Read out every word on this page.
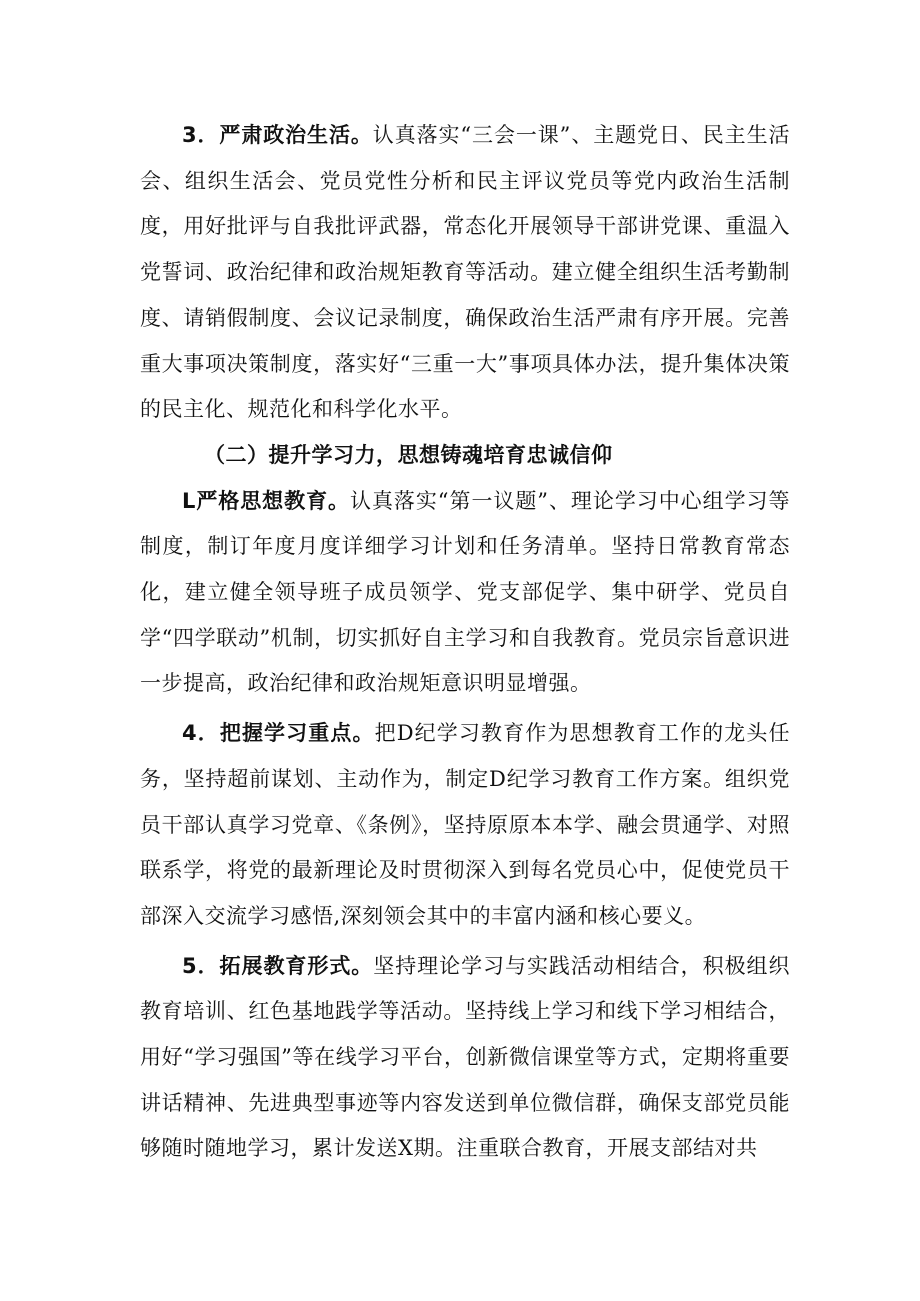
3．严肃政治生活。认真落实“三会一课”、主题党日、民主生活会、组织生活会、党员党性分析和民主评议党员等党内政治生活制度，用好批评与自我批评武器，常态化开展领导干部讲党课、重温入党誓词、政治纪律和政治规矩教育等活动。建立健全组织生活考勤制度、请销假制度、会议记录制度，确保政治生活严肃有序开展。完善重大事项决策制度，落实好“三重一大”事项具体办法，提升集体决策的民主化、规范化和科学化水平。

（二）提升学习力，思想铸魂培育忠诚信仰

L严格思想教育。认真落实“第一议题”、理论学习中心组学习等制度，制订年度月度详细学习计划和任务清单。坚持日常教育常态化，建立健全领导班子成员领学、党支部促学、集中研学、党员自学“四学联动”机制，切实抓好自主学习和自我教育。党员宗旨意识进一步提高，政治纪律和政治规矩意识明显增强。

4．把握学习重点。把D纪学习教育作为思想教育工作的龙头任务，坚持超前谋划、主动作为，制定D纪学习教育工作方案。组织党员干部认真学习党章、《条例》，坚持原原本本学、融会贯通学、对照联系学，将党的最新理论及时贯彻深入到每名党员心中，促使党员干部深入交流学习感悟,深刻领会其中的丰富内涵和核心要义。

5．拓展教育形式。坚持理论学习与实践活动相结合，积极组织教育培训、红色基地践学等活动。坚持线上学习和线下学习相结合，用好“学习强国”等在线学习平台，创新微信课堂等方式，定期将重要讲话精神、先进典型事迹等内容发送到单位微信群，确保支部党员能够随时随地学习，累计发送X期。注重联合教育，开展支部结对共
